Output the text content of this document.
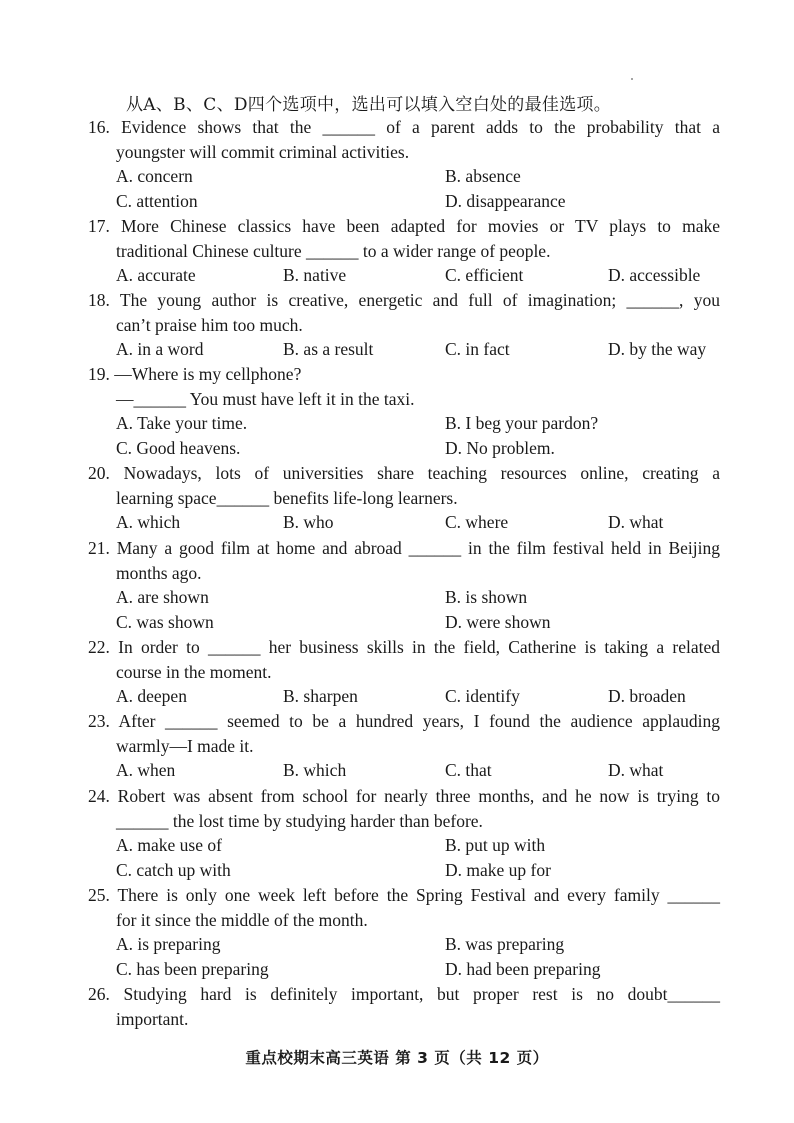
从A、B、C、D四个选项中，选出可以填入空白处的最佳选项。
16. Evidence shows that the ______ of a parent adds to the probability that a
youngster will commit criminal activities.
A. concern	B. absence
C. attention	D. disappearance
17. More Chinese classics have been adapted for movies or TV plays to make
traditional Chinese culture ______ to a wider range of people.
A. accurate	B. native	C. efficient	D. accessible
18. The young author is creative, energetic and full of imagination; ______, you
can’t praise him too much.
A. in a word	B. as a result	C. in fact	D. by the way
19. —Where is my cellphone?
—______ You must have left it in the taxi.
A. Take your time.	B. I beg your pardon?
C. Good heavens.	D. No problem.
20. Nowadays, lots of universities share teaching resources online, creating a
learning space______ benefits life-long learners.
A. which	B. who	C. where	D. what
21. Many a good film at home and abroad ______ in the film festival held in Beijing
months ago.
A. are shown	B. is shown
C. was shown	D. were shown
22. In order to ______ her business skills in the field, Catherine is taking a related
course in the moment.
A. deepen	B. sharpen	C. identify	D. broaden
23. After ______ seemed to be a hundred years, I found the audience applauding
warmly—I made it.
A. when	B. which	C. that	D. what
24. Robert was absent from school for nearly three months, and he now is trying to
______ the lost time by studying harder than before.
A. make use of	B. put up with
C. catch up with	D. make up for
25. There is only one week left before the Spring Festival and every family ______
for it since the middle of the month.
A. is preparing	B. was preparing
C. has been preparing	D. had been preparing
26. Studying hard is definitely important, but proper rest is no doubt______
important.
重点校期末高三英语 第 3 页（共 12 页）
